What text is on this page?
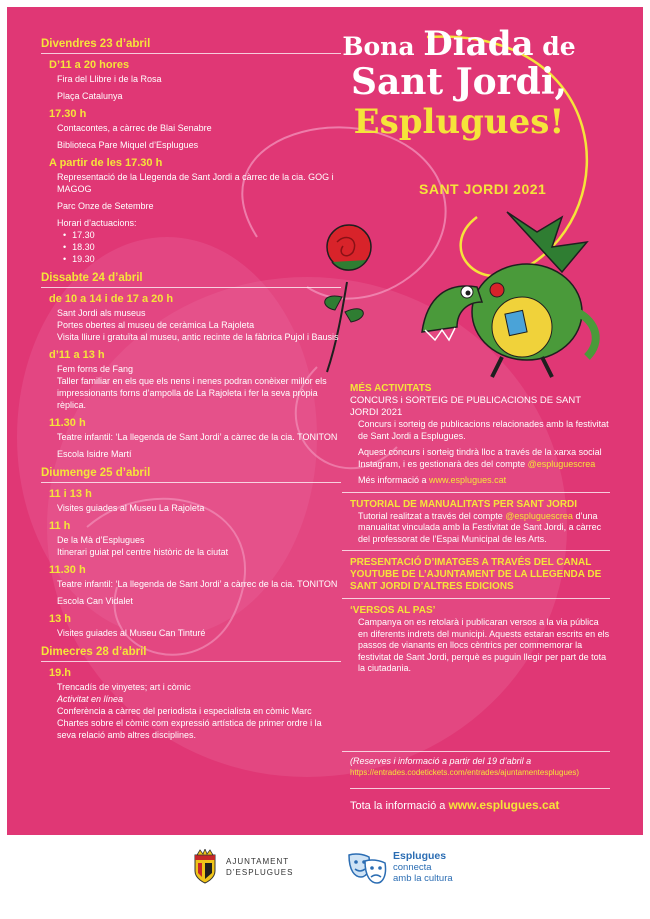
Bona Diada de
Sant Jordi,
Esplugues!
SANT JORDI 2021
Divendres 23 d’abril
D’11 a 20 hores
Fira del Llibre i de la Rosa
Plaça Catalunya
17.30 h
Contacontes, a càrrec de Blai Senabre
Biblioteca Pare Miquel d’Esplugues
A partir de les 17.30 h
Representació de la Llegenda de Sant Jordi a càrrec de la cia. GOG i MAGOG
Parc Onze de Setembre
Horari d’actuacions:
• 17.30
• 18.30
• 19.30
Dissabte 24 d’abril
de 10 a 14 i de 17 a 20 h
Sant Jordi als museus
Portes obertes al museu de ceràmica La Rajoleta
Visita lliure i gratuïta al museu, antic recinte de la fàbrica Pujol i Bausis
d’11 a 13 h
Fem forns de Fang
Taller familiar en els que els nens i nenes podran conèixer millor els impressionants forns d’ampolla de La Rajoleta i fer la seva pròpia rèplica.
11.30 h
Teatre infantil: ‘La llegenda de Sant Jordi’ a càrrec de la cia. TONITON
Escola Isidre Martí
Diumenge 25 d’abril
11 i 13 h
Visites guiades al Museu La Rajoleta
11 h
De la Mà d’Esplugues
Itinerari guiat pel centre històric de la ciutat
11.30 h
Teatre infantil: ‘La llegenda de Sant Jordi’ a càrrec de la cia. TONITON
Escola Can Vidalet
13 h
Visites guiades al Museu Can Tinturé
Dimecres 28 d’abril
19.h
Trencadís de vinyetes; art i còmic
Activitat en línea
Conferència a càrrec del periodista i especialista en còmic Marc Chartes sobre el còmic com expressió artística de primer ordre i la seva relació amb altres disciplines.
MÉS ACTIVITATS
CONCURS i SORTEIG DE PUBLICACIONS DE SANT JORDI 2021
Concurs i sorteig de publicacions relacionades amb la festivitat de Sant Jordi a Esplugues.
Aquest concurs i sorteig tindrà lloc a través de la xarxa social Instagram, i es gestionarà des del compte @espluguescrea
Més informació a www.esplugues.cat
TUTORIAL DE MANUALITATS PER SANT JORDI
Tutorial realitzat a través del compte @espluguescrea d’una manualitat vinculada amb la Festivitat de Sant Jordi, a càrrec del professorat de l’Espai Municipal de les Arts.
PRESENTACIÓ D’IMATGES A TRAVÉS DEL CANAL YOUTUBE DE L’AJUNTAMENT DE LA LLEGENDA DE SANT JORDI D’ALTRES EDICIONS
‘VERSOS AL PAS’
Campanya on es retolarà i publicaran versos a la via pública en diferents indrets del municipi. Aquests estaran escrits en els passos de vianants en llocs cèntrics per commemorar la festivitat de Sant Jordi, perquè es puguin llegir per part de tota la ciutadania.
(Reserves i informació a partir del 19 d’abril a
https://entrades.codetickets.com/entrades/ajuntamentesplugues)
Tota la informació a www.esplugues.cat
AJUNTAMENT
D’ESPLUGUES
Esplugues
connecta
amb la cultura
